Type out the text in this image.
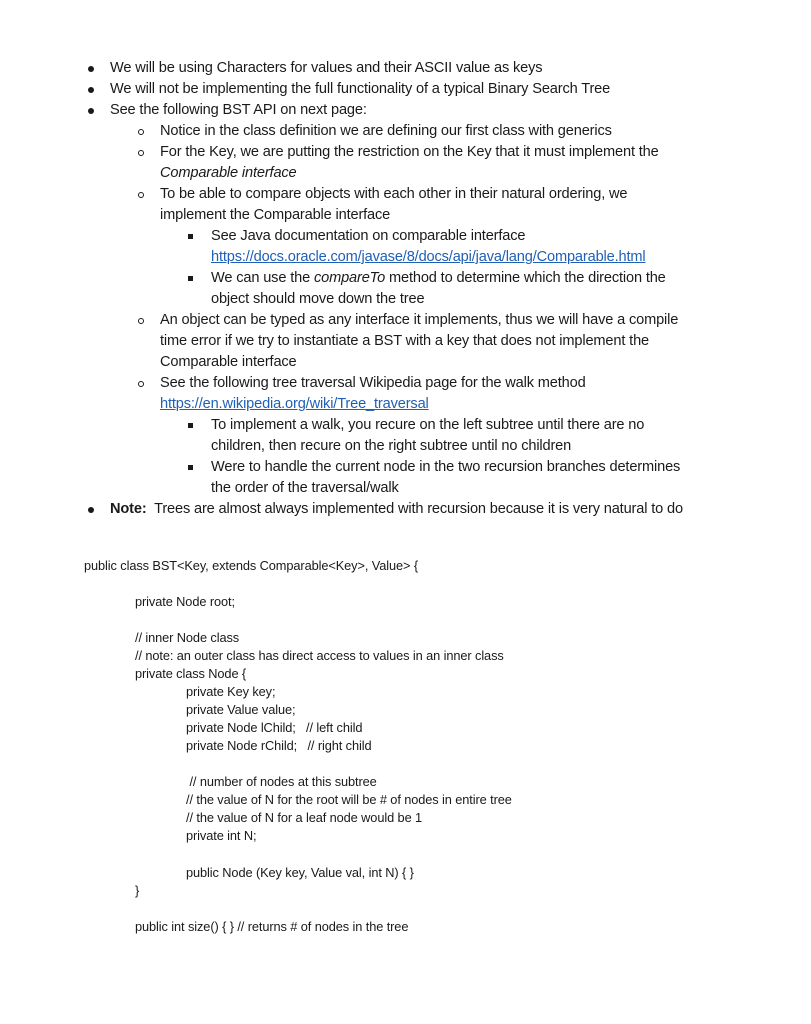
We will be using Characters for values and their ASCII value as keys
We will not be implementing the full functionality of a typical Binary Search Tree
See the following BST API on next page:
Notice in the class definition we are defining our first class with generics
For the Key, we are putting the restriction on the Key that it must implement the
Comparable interface
To be able to compare objects with each other in their natural ordering, we
implement the Comparable interface
See Java documentation on comparable interface
https://docs.oracle.com/javase/8/docs/api/java/lang/Comparable.html
We can use the compareTo method to determine which the direction the
object should move down the tree
An object can be typed as any interface it implements, thus we will have a compile
time error if we try to instantiate a BST with a key that does not implement the
Comparable interface
See the following tree traversal Wikipedia page for the walk method
https://en.wikipedia.org/wiki/Tree_traversal
To implement a walk, you recure on the left subtree until there are no
children, then recure on the right subtree until no children
Were to handle the current node in the two recursion branches determines
the order of the traversal/walk
Note:  Trees are almost always implemented with recursion because it is very natural to do
public class BST<Key, extends Comparable<Key>, Value> {
private Node root;
// inner Node class
// note: an outer class has direct access to values in an inner class
private class Node {
private Key key;
private Value value;
private Node lChild;   // left child
private Node rChild;   // right child
// number of nodes at this subtree
// the value of N for the root will be # of nodes in entire tree
// the value of N for a leaf node would be 1
private int N;
public Node (Key key, Value val, int N) { }
}
public int size() { } // returns # of nodes in the tree
